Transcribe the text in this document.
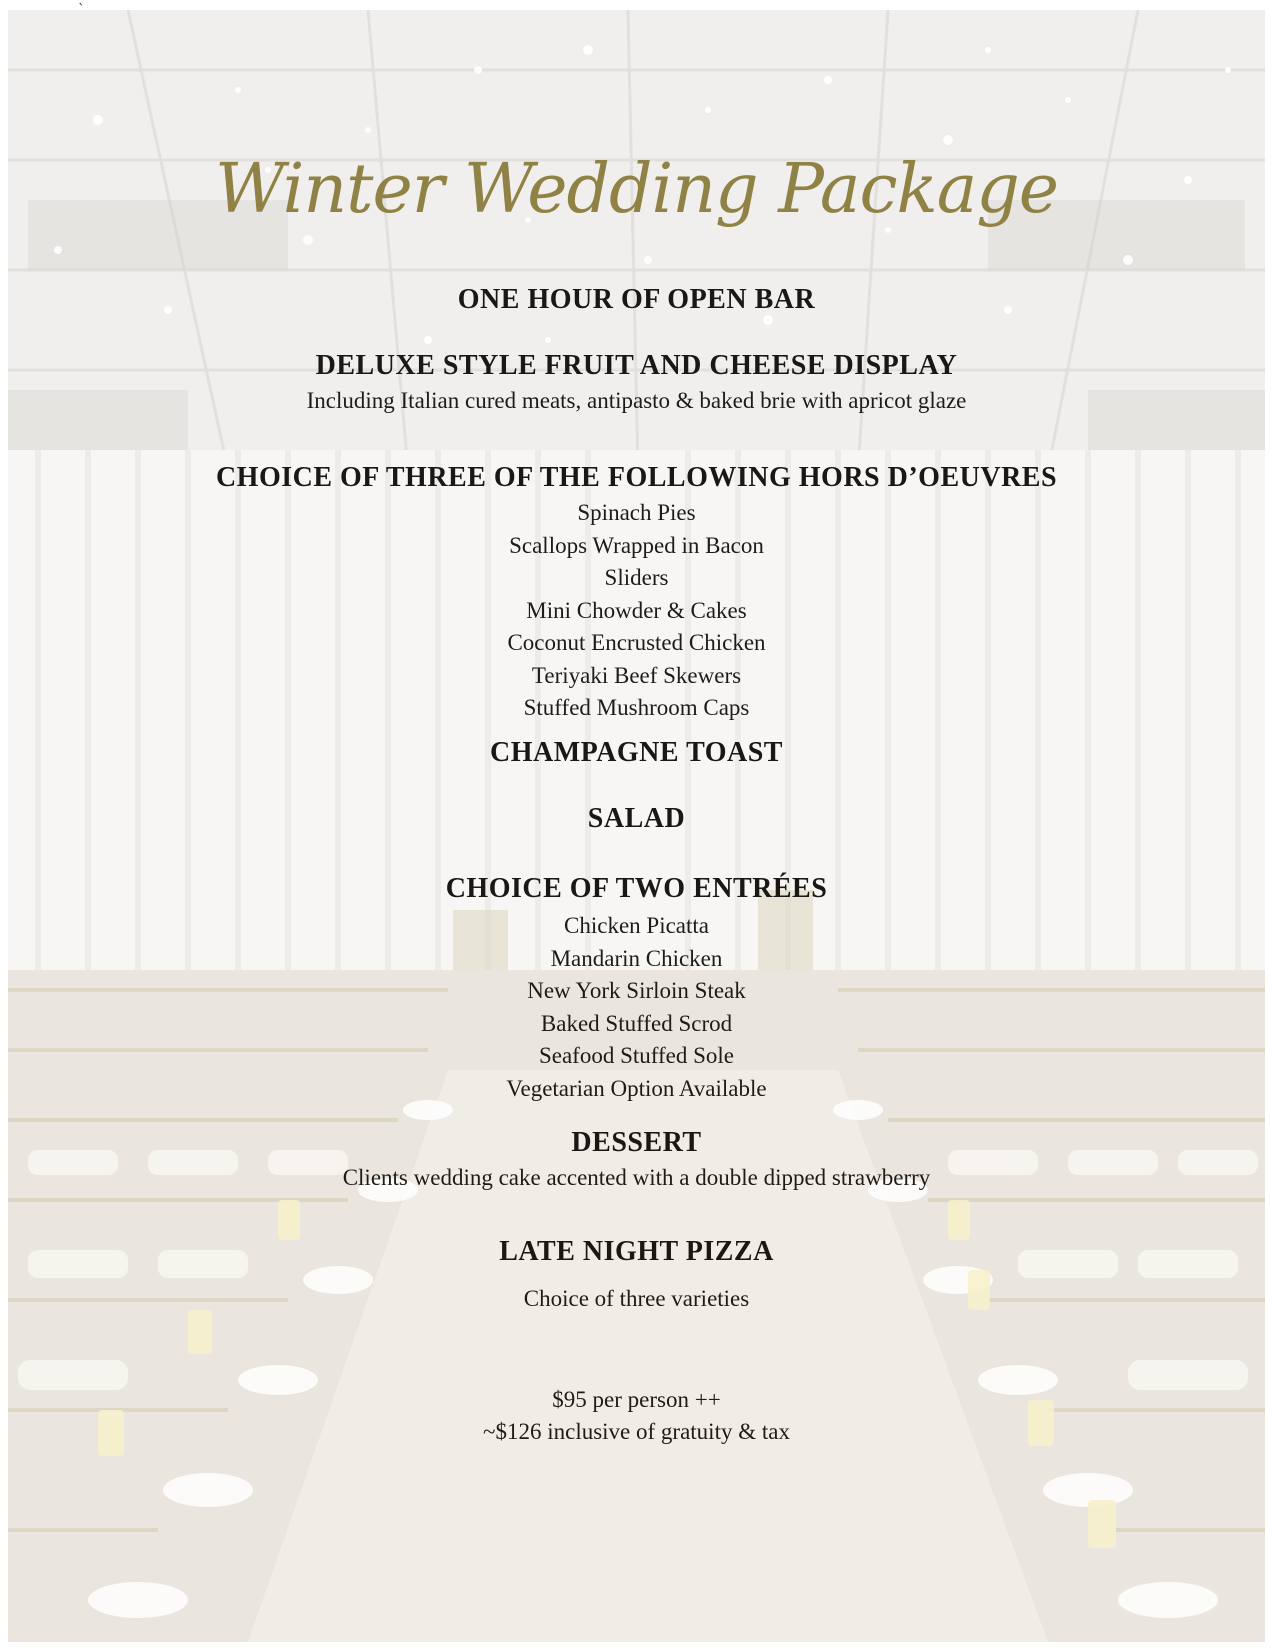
Winter Wedding Package
ONE HOUR OF OPEN BAR
DELUXE STYLE FRUIT AND CHEESE DISPLAY
Including Italian cured meats, antipasto & baked brie with apricot glaze
CHOICE OF THREE OF THE FOLLOWING HORS D’OEUVRES
Spinach Pies
Scallops Wrapped in Bacon
Sliders
Mini Chowder & Cakes
Coconut Encrusted Chicken
Teriyaki Beef Skewers
Stuffed Mushroom Caps
CHAMPAGNE TOAST
SALAD
CHOICE OF TWO ENTRÉES
Chicken Picatta
Mandarin Chicken
New York Sirloin Steak
Baked Stuffed Scrod
Seafood Stuffed Sole
Vegetarian Option Available
DESSERT
Clients wedding cake accented with a double dipped strawberry
LATE NIGHT PIZZA
Choice of three varieties
$95 per person ++
~$126 inclusive of gratuity & tax
`
